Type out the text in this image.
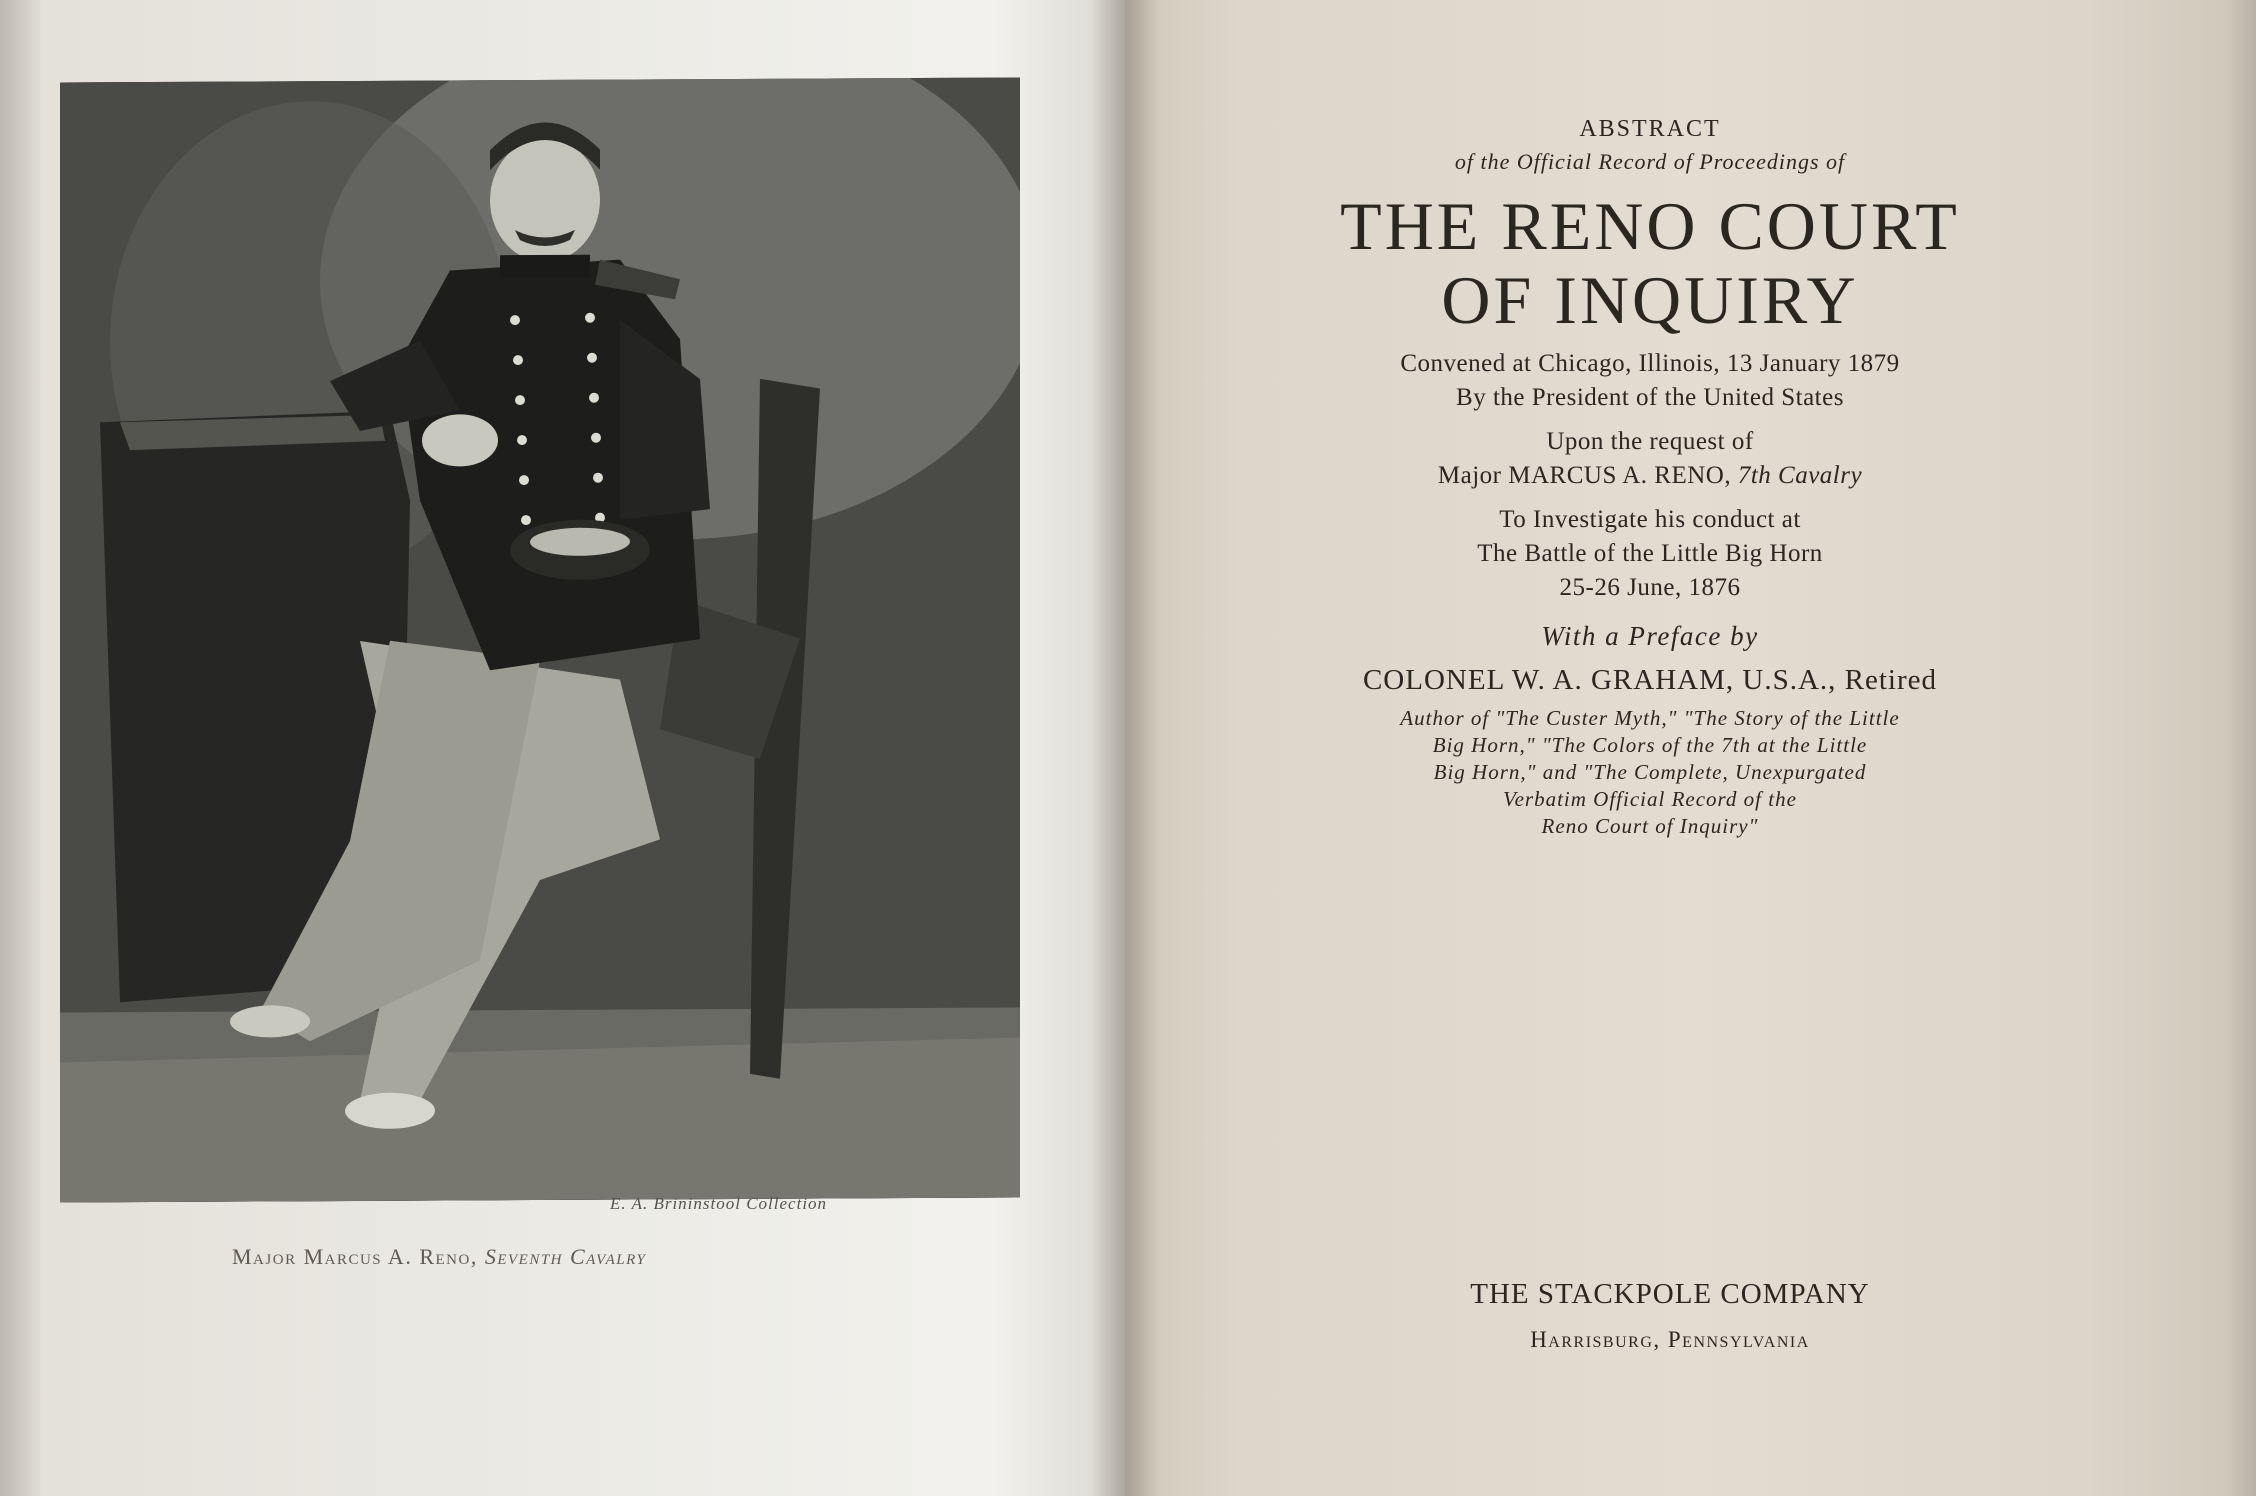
E. A. Brininstool Collection
Major Marcus A. Reno, Seventh Cavalry
ABSTRACT
of the Official Record of Proceedings of
THE RENO COURT
OF INQUIRY
Convened at Chicago, Illinois, 13 January 1879
By the President of the United States
Upon the request of
Major MARCUS A. RENO, 7th Cavalry
To Investigate his conduct at
The Battle of the Little Big Horn
25-26 June, 1876
With a Preface by
COLONEL W. A. GRAHAM, U.S.A., Retired
Author of "The Custer Myth," "The Story of the Little
Big Horn," "The Colors of the 7th at the Little
Big Horn," and "The Complete, Unexpurgated
Verbatim Official Record of the
Reno Court of Inquiry"
THE STACKPOLE COMPANY
Harrisburg, Pennsylvania
